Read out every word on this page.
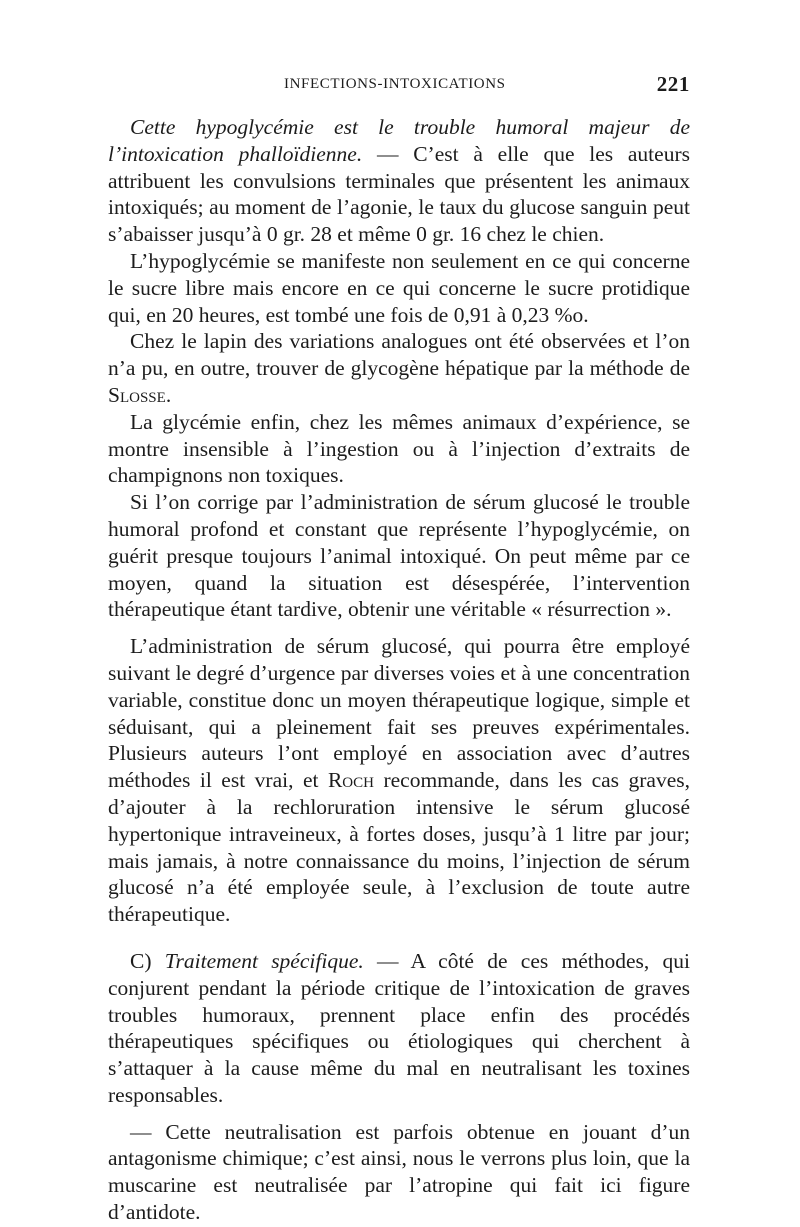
INFECTIONS-INTOXICATIONS	221

Cette hypoglycémie est le trouble humoral majeur de l’intoxication phalloïdienne. — C’est à elle que les auteurs attribuent les convulsions terminales que présentent les animaux intoxiqués; au moment de l’agonie, le taux du glucose sanguin peut s’abaisser jusqu’à 0 gr. 28 et même 0 gr. 16 chez le chien.

L’hypoglycémie se manifeste non seulement en ce qui concerne le sucre libre mais encore en ce qui concerne le sucre protidique qui, en 20 heures, est tombé une fois de 0,91 à 0,23 %o.

Chez le lapin des variations analogues ont été observées et l’on n’a pu, en outre, trouver de glycogène hépatique par la méthode de Slosse.

La glycémie enfin, chez les mêmes animaux d’expérience, se montre insensible à l’ingestion ou à l’injection d’extraits de champignons non toxiques.

Si l’on corrige par l’administration de sérum glucosé le trouble humoral profond et constant que représente l’hypoglycémie, on guérit presque toujours l’animal intoxiqué. On peut même par ce moyen, quand la situation est désespérée, l’intervention thérapeutique étant tardive, obtenir une véritable « résurrection ».

L’administration de sérum glucosé, qui pourra être employé suivant le degré d’urgence par diverses voies et à une concentration variable, constitue donc un moyen thérapeutique logique, simple et séduisant, qui a pleinement fait ses preuves expérimentales. Plusieurs auteurs l’ont employé en association avec d’autres méthodes il est vrai, et Roch recommande, dans les cas graves, d’ajouter à la rechloruration intensive le sérum glucosé hypertonique intraveineux, à fortes doses, jusqu’à 1 litre par jour; mais jamais, à notre connaissance du moins, l’injection de sérum glucosé n’a été employée seule, à l’exclusion de toute autre thérapeutique.

C) Traitement spécifique. — A côté de ces méthodes, qui conjurent pendant la période critique de l’intoxication de graves troubles humoraux, prennent place enfin des procédés thérapeutiques spécifiques ou étiologiques qui cherchent à s’attaquer à la cause même du mal en neutralisant les toxines responsables.

— Cette neutralisation est parfois obtenue en jouant d’un antagonisme chimique; c’est ainsi, nous le verrons plus loin, que la muscarine est neutralisée par l’atropine qui fait ici figure d’antidote.
